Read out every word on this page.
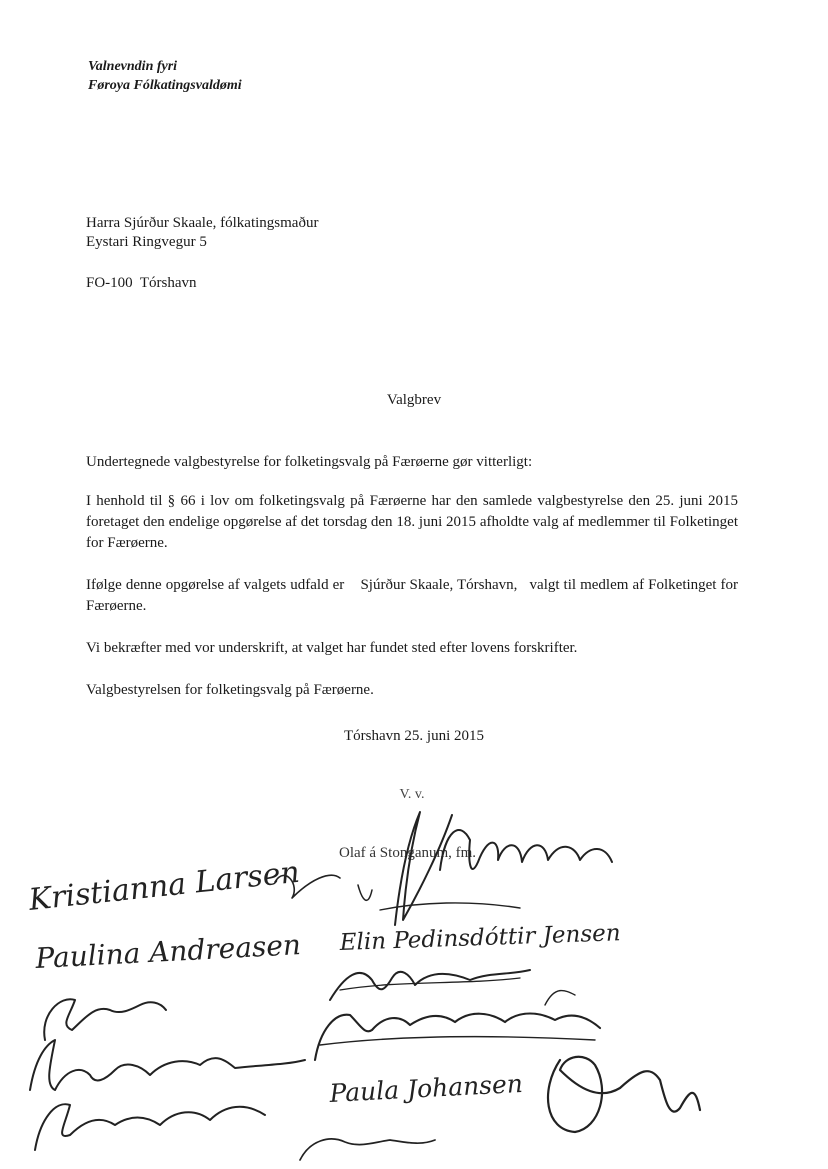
Valnevndin fyri
Føroya Fólkatingsvaldømi
Harra Sjúrður Skaale, fólkatingsmaður
Eystari Ringvegur 5
FO-100  Tórshavn
Valgbrev

Undertegnede valgbestyrelse for folketingsvalg på Færøerne gør vitterligt:

I henhold til § 66 i lov om folketingsvalg på Færøerne har den samlede valgbestyrelse den 25. juni 2015 foretaget den endelige opgørelse af det torsdag den 18. juni 2015 afholdte valg af medlemmer til Folketinget for Færøerne.

Ifølge denne opgørelse af valgets udfald er Sjúrður Skaale, Tórshavn, valgt til medlem af Folketinget for Færøerne.

Vi bekræfter med vor underskrift, at valget har fundet sted efter lovens forskrifter.

Valgbestyrelsen for folketingsvalg på Færøerne.

Tórshavn 25. juni 2015
V. v.
Olaf á Stonganum, fm.
Kristianna Larsen
Paulina Andreasen Elin Pedinsdóttir Jensen
Paula Johansen
